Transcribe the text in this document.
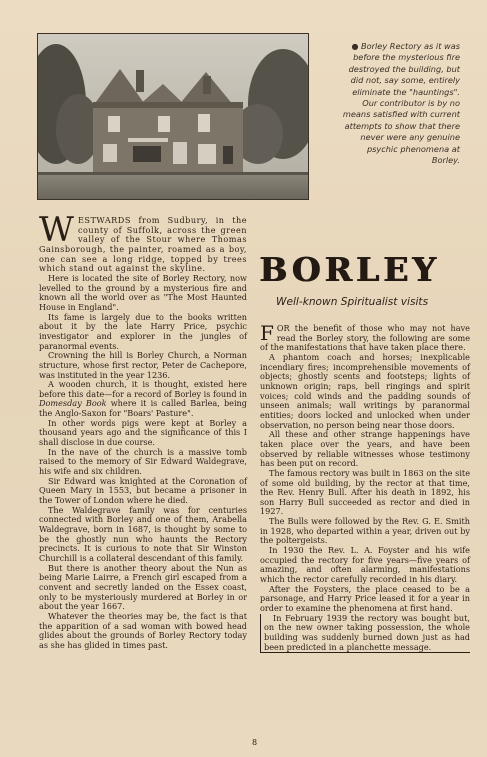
● Borley Rectory as it was before the mysterious fire destroyed the building, but did not, say some, entirely eliminate the "hauntings". Our contributor is by no means satisfied with current attempts to show that there never were any genuine psychic phenomena at Borley.

W ESTWARDS from Sudbury, in the county of Suffolk, across the green valley of the Stour where Thomas Gainsborough, the painter, roamed as a boy, one can see a long ridge, topped by trees which stand out against the skyline.

Here is located the site of Borley Rectory, now levelled to the ground by a mysterious fire and known all the world over as "The Most Haunted House in England".

Its fame is largely due to the books written about it by the late Harry Price, psychic investigator and explorer in the jungles of paranormal events.

Crowning the hill is Borley Church, a Norman structure, whose first rector, Peter de Cachepore, was instituted in the year 1236.

A wooden church, it is thought, existed here before this date—for a record of Borley is found in Domesday Book where it is called Barlea, being the Anglo-Saxon for "Boars' Pasture".

In other words pigs were kept at Borley a thousand years ago and the significance of this I shall disclose in due course.

In the nave of the church is a massive tomb raised to the memory of Sir Edward Waldegrave, his wife and six children.

Sir Edward was knighted at the Coronation of Queen Mary in 1553, but became a prisoner in the Tower of London where he died.

The Waldegrave family was for centuries connected with Borley and one of them, Arabella Waldegrave, born in 1687, is thought by some to be the ghostly nun who haunts the Rectory precincts. It is curious to note that Sir Winston Churchill is a collateral descendant of this family.

But there is another theory about the Nun as being Marie Lairre, a French girl escaped from a convent and secretly landed on the Essex coast, only to be mysteriously murdered at Borley in or about the year 1667.

Whatever the theories may be, the fact is that the apparition of a sad woman with bowed head glides about the grounds of Borley Rectory today as she has glided in times past.

BORLEY
Well-known Spiritualist visits

F OR the benefit of those who may not have read the Borley story, the following are some of the manifestations that have taken place there.

A phantom coach and horses; inexplicable incendiary fires; incomprehensible movements of objects; ghostly scents and footsteps; lights of unknown origin; raps, bell ringings and spirit voices; cold winds and the padding sounds of unseen animals; wall writings by paranormal entities; doors locked and unlocked when under observation, no person being near those doors.

All these and other strange happenings have taken place over the years, and have been observed by reliable witnesses whose testimony has been put on record.

The famous rectory was built in 1863 on the site of some old building, by the rector at that time, the Rev. Henry Bull. After his death in 1892, his son Harry Bull succeeded as rector and died in 1927.

The Bulls were followed by the Rev. G. E. Smith in 1928, who departed within a year, driven out by the poltergeists.

In 1930 the Rev. L. A. Foyster and his wife occupied the rectory for five years—five years of amazing, and often alarming, manifestations which the rector carefully recorded in his diary.

After the Foysters, the place ceased to be a parsonage, and Harry Price leased it for a year in order to examine the phenomena at first hand.

In February 1939 the rectory was bought but, on the new owner taking possession, the whole building was suddenly burned down just as had been predicted in a planchette message.

8
